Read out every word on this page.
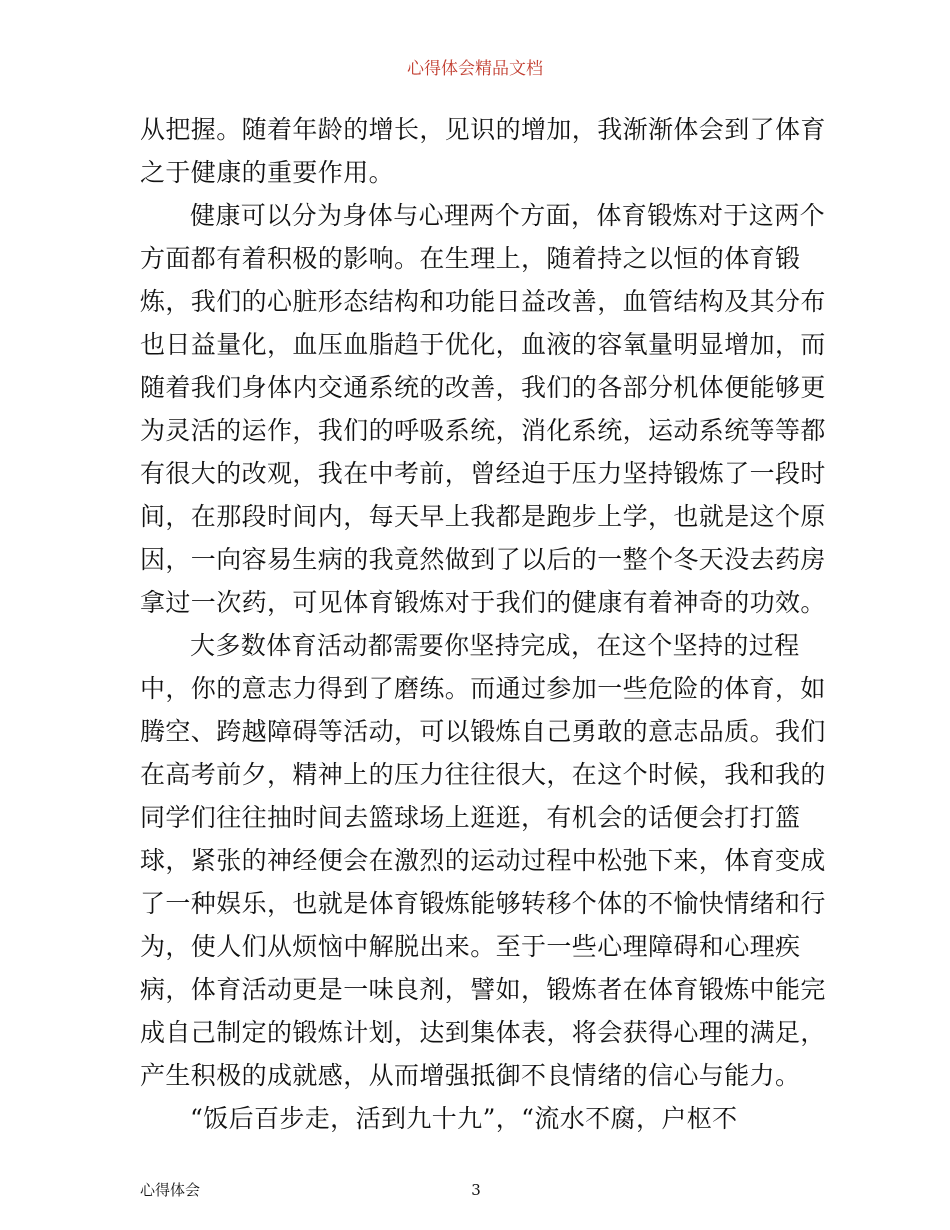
心得体会精品文档
从把握。随着年龄的增长，见识的增加，我渐渐体会到了体育
之于健康的重要作用。
健康可以分为身体与心理两个方面，体育锻炼对于这两个
方面都有着积极的影响。在生理上，随着持之以恒的体育锻
炼，我们的心脏形态结构和功能日益改善，血管结构及其分布
也日益量化，血压血脂趋于优化，血液的容氧量明显增加，而
随着我们身体内交通系统的改善，我们的各部分机体便能够更
为灵活的运作，我们的呼吸系统，消化系统，运动系统等等都
有很大的改观，我在中考前，曾经迫于压力坚持锻炼了一段时
间，在那段时间内，每天早上我都是跑步上学，也就是这个原
因，一向容易生病的我竟然做到了以后的一整个冬天没去药房
拿过一次药，可见体育锻炼对于我们的健康有着神奇的功效。
大多数体育活动都需要你坚持完成，在这个坚持的过程
中，你的意志力得到了磨练。而通过参加一些危险的体育，如
腾空、跨越障碍等活动，可以锻炼自己勇敢的意志品质。我们
在高考前夕，精神上的压力往往很大，在这个时候，我和我的
同学们往往抽时间去篮球场上逛逛，有机会的话便会打打篮
球，紧张的神经便会在激烈的运动过程中松弛下来，体育变成
了一种娱乐，也就是体育锻炼能够转移个体的不愉快情绪和行
为，使人们从烦恼中解脱出来。至于一些心理障碍和心理疾
病，体育活动更是一味良剂，譬如，锻炼者在体育锻炼中能完
成自己制定的锻炼计划，达到集体表，将会获得心理的满足，
产生积极的成就感，从而增强抵御不良情绪的信心与能力。
“饭后百步走，活到九十九”，“流水不腐，户枢不
心得体会	3
